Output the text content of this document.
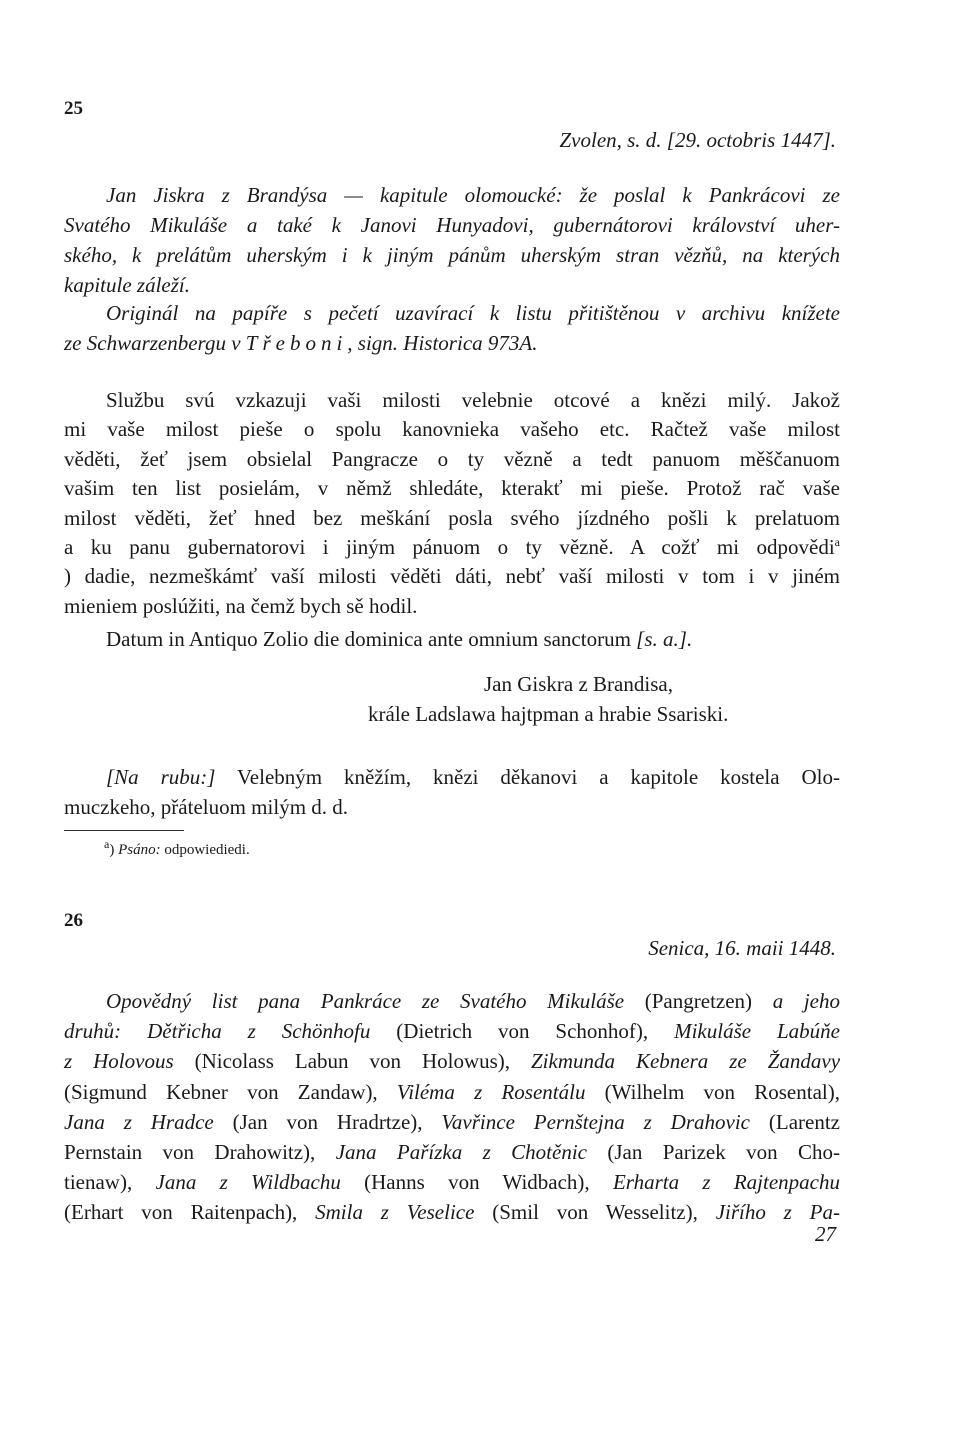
25
Zvolen, s. d. [29. octobris 1447].
Jan Jiskra z Brandýsa — kapitule olomoucké: že poslal k Pankrácovi ze
Svatého Mikuláše a také k Janovi Hunyadovi, gubernátorovi království uher-
ského, k prelátům uherským i k jiným pánům uherským stran vězňů, na kterých
kapitule záleží.
Originál na papíře s pečetí uzavírací k listu přitištěnou v archivu knížete
ze Schwarzenbergu v Třeboni, sign. Historica 973A.
Službu svú vzkazuji vaši milosti velebnie otcové a knězi milý. Jakož
mi vaše milost pieše o spolu kanovnieka vašeho etc. Račtež vaše milost
věděti, žeť jsem obsielal Pangracze o ty vězně a tedt panuom měščanuom
vašim ten list posielám, v němž shledáte, kterakť mi pieše. Protož rač vaše
milost věděti, žeť hned bez meškání posla svého jízdného pošli k prelatuom
a ku panu gubernatorovi i jiným pánuom o ty vězně. A cožť mi odpovědi$^a$
) dadie, nezmeškámť vaší milosti věděti dáti, nebť vaší milosti v tom i v jiném
mieniem poslúžiti, na čemž bych sě hodil.
Datum in Antiquo Zolio die dominica ante omnium sanctorum [s. a.].
Jan Giskra z Brandisa,
krále Ladslawa hajtpman a hrabie Ssariski.
[Na rubu:] Velebným kněžím, knězi děkanovi a kapitole kostela Olo-
muczkeho, přáteluom milým d. d.
$^a$) Psáno: odpowiediedi.
26
Senica, 16. maii 1448.
Opovědný list pana Pankráce ze Svatého Mikuláše (Pangretzen) a jeho
druhů: Dětřicha z Schönhofu (Dietrich von Schonhof), Mikuláše Labúňe
z Holovous (Nicolass Labun von Holowus), Zikmunda Kebnera ze Žandavy
(Sigmund Kebner von Zandaw), Viléma z Rosentálu (Wilhelm von Rosental),
Jana z Hradce (Jan von Hradrtze), Vavřince Pernštejna z Drahovic (Larentz
Pernstain von Drahowitz), Jana Pařízka z Chotěnic (Jan Parizek von Cho-
tienaw), Jana z Wildbachu (Hanns von Widbach), Erharta z Rajtenpachu
(Erhart von Raitenpach), Smila z Veselice (Smil von Wesselitz), Jiřího z Pa-
27
